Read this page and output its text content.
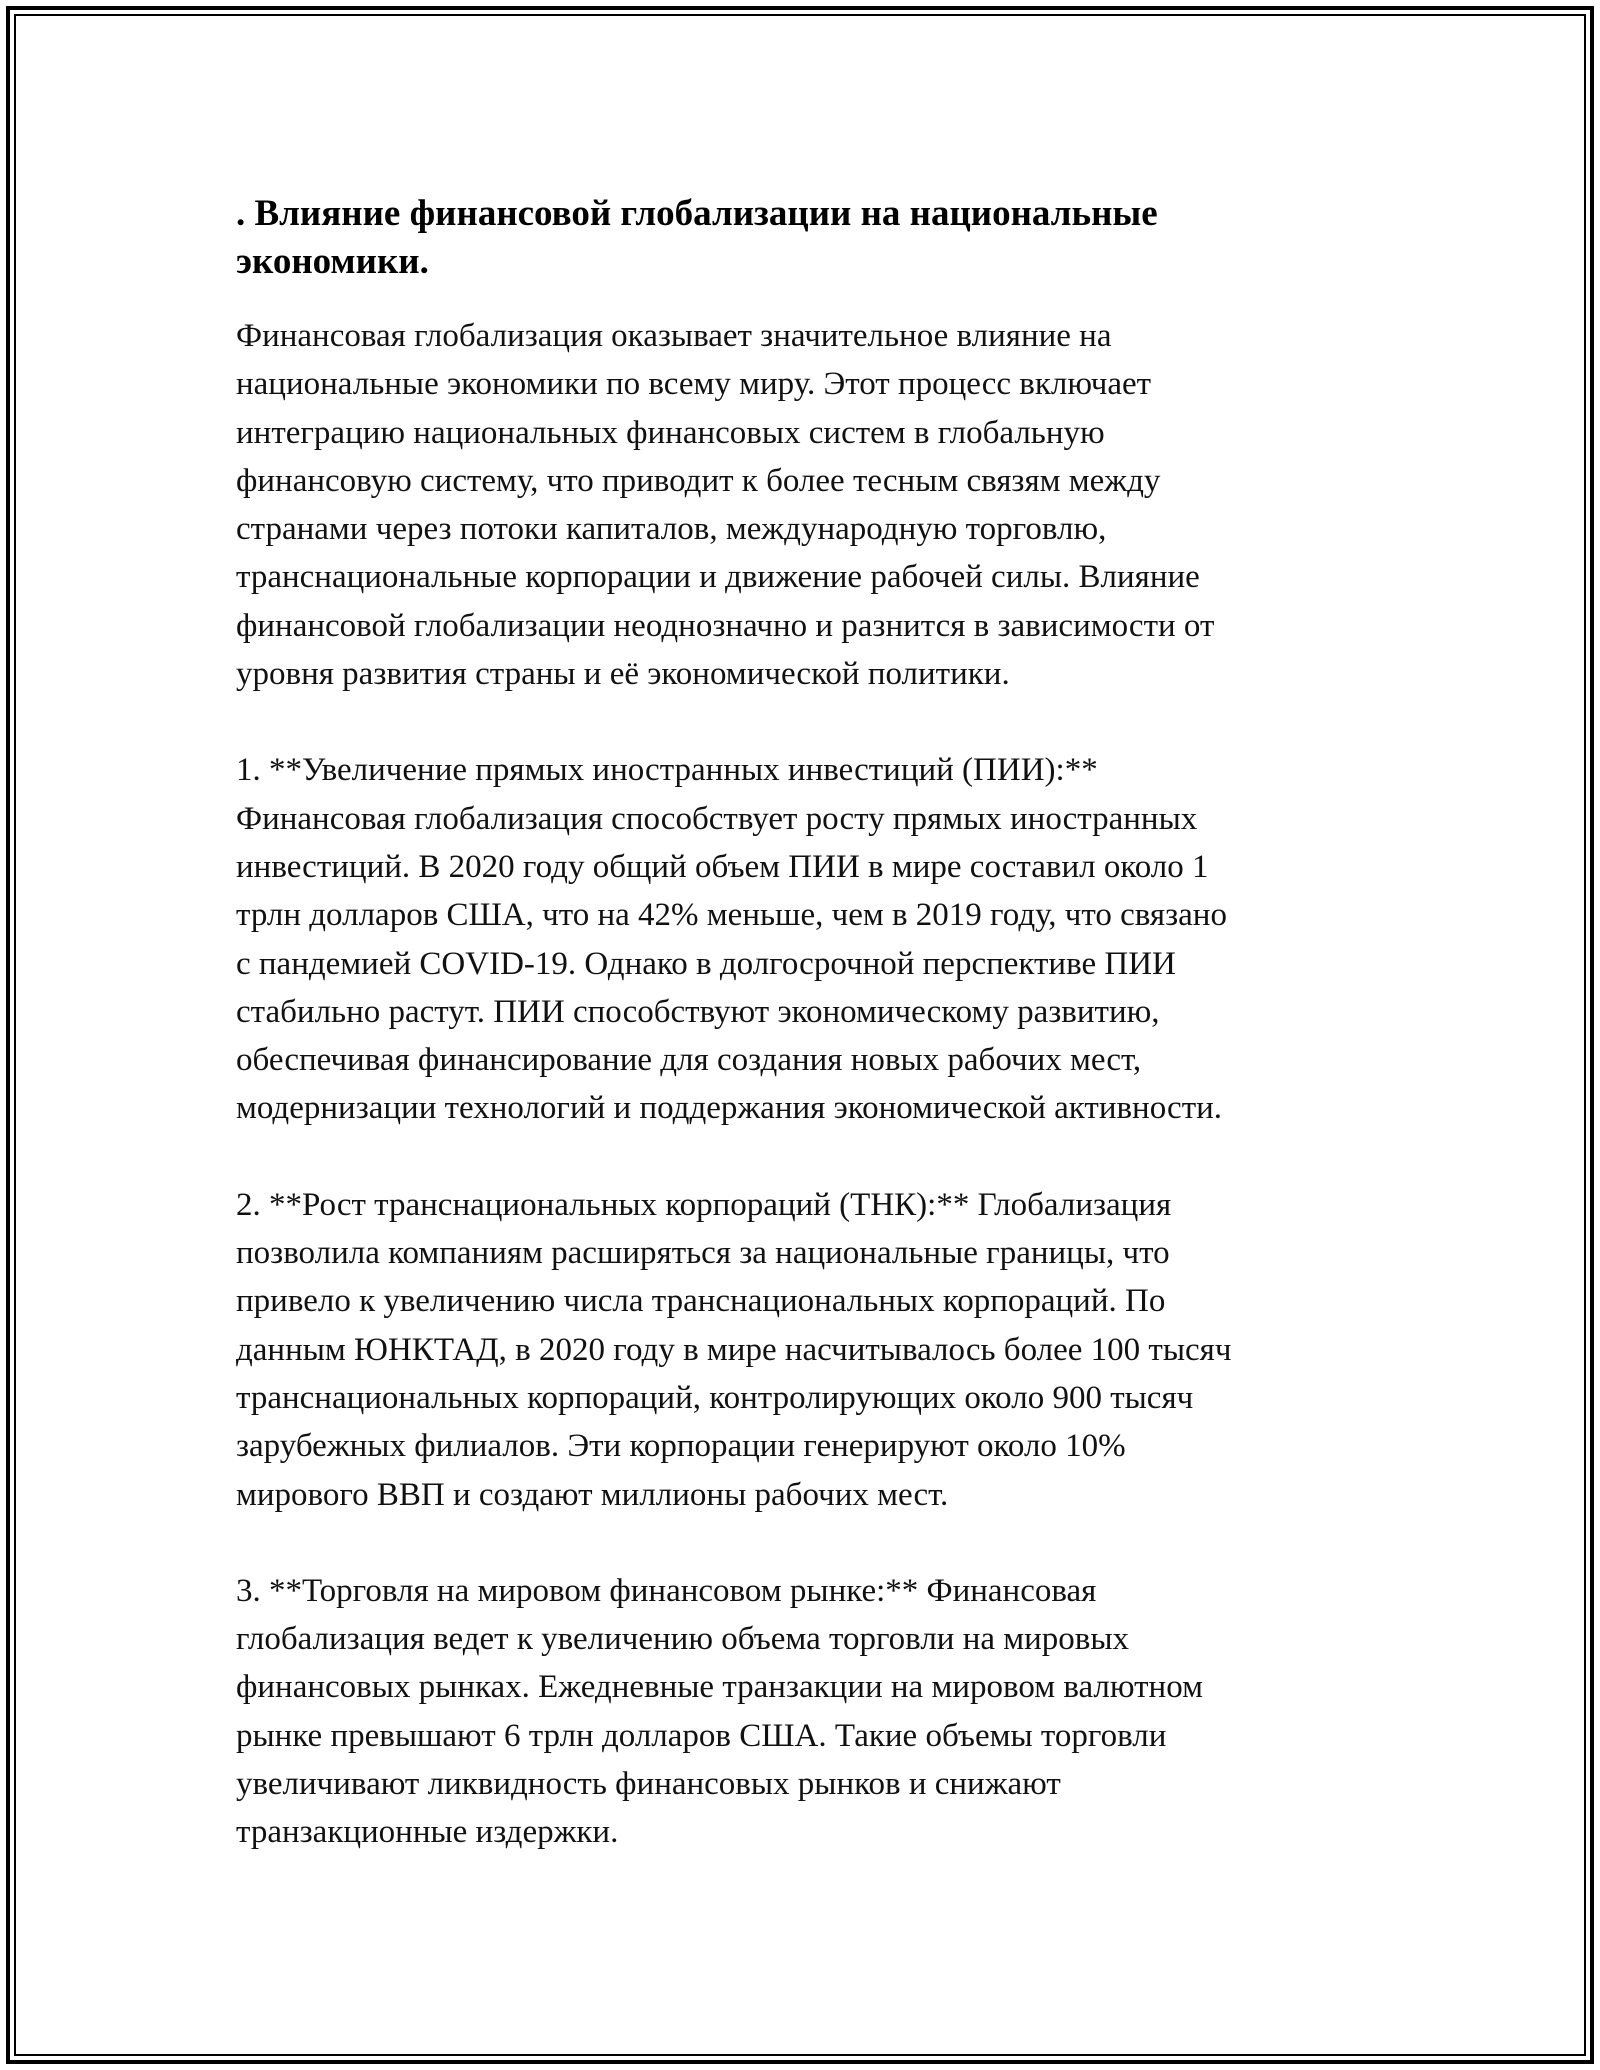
. Влияние финансовой глобализации на национальные
экономики.

Финансовая глобализация оказывает значительное влияние на
национальные экономики по всему миру. Этот процесс включает
интеграцию национальных финансовых систем в глобальную
финансовую систему, что приводит к более тесным связям между
странами через потоки капиталов, международную торговлю,
транснациональные корпорации и движение рабочей силы. Влияние
финансовой глобализации неоднозначно и разнится в зависимости от
уровня развития страны и её экономической политики.

1. **Увеличение прямых иностранных инвестиций (ПИИ):**
Финансовая глобализация способствует росту прямых иностранных
инвестиций. В 2020 году общий объем ПИИ в мире составил около 1
трлн долларов США, что на 42% меньше, чем в 2019 году, что связано
с пандемией COVID-19. Однако в долгосрочной перспективе ПИИ
стабильно растут. ПИИ способствуют экономическому развитию,
обеспечивая финансирование для создания новых рабочих мест,
модернизации технологий и поддержания экономической активности.

2. **Рост транснациональных корпораций (ТНК):** Глобализация
позволила компаниям расширяться за национальные границы, что
привело к увеличению числа транснациональных корпораций. По
данным ЮНКТАД, в 2020 году в мире насчитывалось более 100 тысяч
транснациональных корпораций, контролирующих около 900 тысяч
зарубежных филиалов. Эти корпорации генерируют около 10%
мирового ВВП и создают миллионы рабочих мест.

3. **Торговля на мировом финансовом рынке:** Финансовая
глобализация ведет к увеличению объема торговли на мировых
финансовых рынках. Ежедневные транзакции на мировом валютном
рынке превышают 6 трлн долларов США. Такие объемы торговли
увеличивают ликвидность финансовых рынков и снижают
транзакционные издержки.
